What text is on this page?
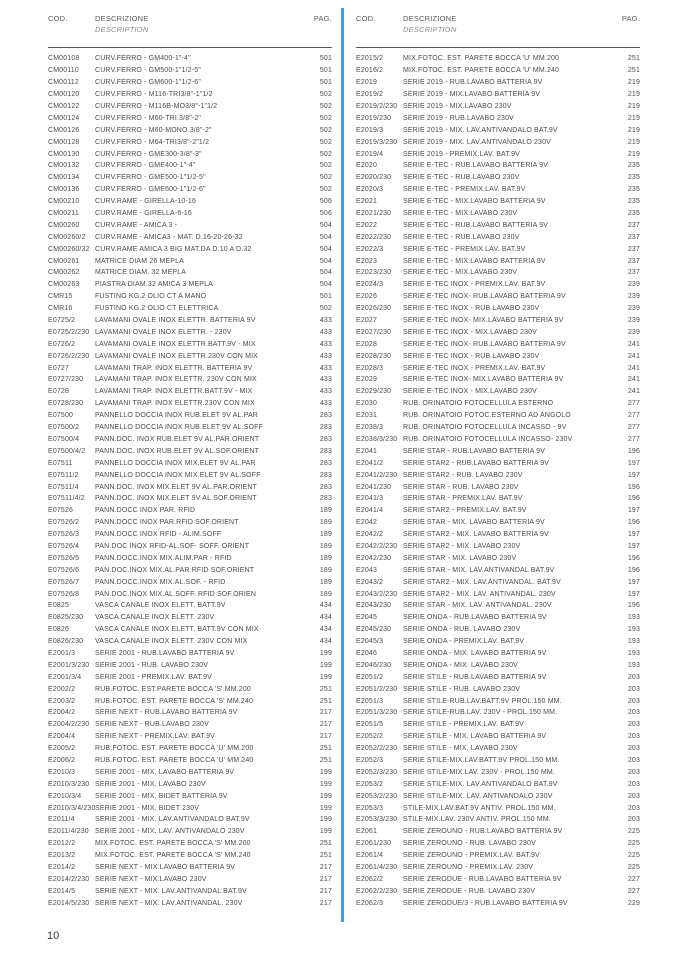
COD.	DESCRIZIONE
DESCRIPTION
PAG.
CM00108	CURV.FERRO - GM400-1"-4"	501
CM00110	CURV.FERRO - GM500-1"1/2-5"	501
CM00112	CURV.FERRO - GM600-1"1/2-6"	501
CM00120	CURV.FERRO - M116-TRI3/8"-1"1/2	502
CM00122	CURV.FERRO - M116B-MO3/8"-1"1/2	502
CM00124	CURV.FERRO - M60-TRI.3/8"-2"	502
CM00126	CURV.FERRO - M60-MONO.3/8"-2"	502
CM00128	CURV.FERRO - M64-TRI3/8"-2"1/2	502
CM00130	CURV.FERRO - GME300-3/8"-3"	502
CM00132	CURV.FERRO - GME400-1"-4"	502
CM00134	CURV.FERRO - GME500-1"1/2-5"	502
CM00136	CURV.FERRO - GME600-1"1/2-6"	502
CM00210	CURV.RAME - GIRELLA-10-16	506
CM00211	CURV.RAME - GIRELLA-6-16	506
CM00260	CURV.RAME - AMICA 3 -	504
CM00260/2	CURV.RAME - AMICA3 - MAT. D.16-20-26-32	504
CM00260/32 CURV.RAME AMICA 3 BIG MAT.DA D.10 A D.32	504
CM00261	MATRICE DIAM 26 MEPLA	504
CM00262	MATRICE DIAM. 32 MEPLA	504
CM00263	PIASTRA DIAM.32 AMICA 3 MEPLA	504
CMR15	FUSTINO KG.2 OLIO CT A MANO	501
CMR16	FUSTINO KG.2 OLIO CT ELETTRICA	502
E0725/2	LAVAMANI OVALE INOX ELETTR. BATTERIA 9V	433
E0725/2/230 LAVAMANI OVALE INOX ELETTR. - 230V	433
E0726/2	LAVAMANI OVALE INOX ELETTR.BATT.9V - MIX	433
E0726/2/230 LAVAMANI OVALE INOX ELETTR.230V CON MIX	433
E0727	LAVAMANI TRAP. INOX ELETTR. BATTERIA 9V	433
E0727/230	LAVAMANI TRAP. INOX ELETTR. 230V CON MIX	433
E0728	LAVAMANI TRAP. INOX ELETTR.BATT.9V - MIX	433
E0728/230	LAVAMANI TRAP. INOX ELETTR.230V CON MIX	433
E07500	PANNELLO DOCCIA INOX RUB.ELET 9V AL.PAR	283
E07500/2	PANNELLO DOCCIA INOX RUB.ELET 9V AL.SOFF	283
E07500/4	PANN.DOC. INOX RUB.ELET 9V AL.PAR.ORIENT	283
E07500/4/2	PANN.DOC. INOX RUB.ELET 9V AL.SOF.ORIENT	283
E07511	PANNELLO DOCCIA INOX MIX.ELET 9V AL.PAR	283
E07511/2	PANNELLO DOCCIA INOX MIX.ELET 9V AL.SOFF	283
E07511/4	PANN.DOC. INOX MIX.ELET 9V AL.PAR.ORIENT	283
E07511/4/2	PANN.DOC. INOX MIX.ELET 9V AL.SOF.ORIENT	283
E07526	PANN.DOCC INOX PAR. RFID	189
E07526/2	PANN.DOCC INOX PAR.RFID SOF.ORIENT	189
E07526/3	PANN.DOCC INOX RFID - ALIM.SOFF	189
E07526/4	PAN.DOC INOX RFID-AL.SOF- SOFF. ORIENT	189
E07526/5	PANN.DOCC.INOX MIX.ALIM.PAR - RFID	189
E07526/6	PAN.DOC.INOX MIX.AL.PAR RFID SOF.ORIENT	189
E07526/7	PANN.DOCC.INOX MIX.AL.SOF. - RFID	189
E07526/8	PAN.DOC.INOX MIX.AL.SOFF. RFID SOF.ORIEN	189
E0825	VASCA CANALE INOX ELETT. BATT.9V	434
E0825/230	VASCA CANALE INOX ELETT. 230V	434
E0826	VASCA CANALE INOX ELETT. BATT.9V CON MIX	434
E0826/230	VASCA CANALE INOX ELETT. 230V CON MIX	434
E2001/3	SERIE 2001 - RUB.LAVABO BATTERIA 9V	199
E2001/3/230 SERIE 2001 - RUB. LAVABO 230V	199
E2001/3/4	SERIE 2001 - PREMIX.LAV. BAT.9V	199
E2002/2	RUB.FOTOC. EST.PARETE BOCCA 'S' MM.200	251
E2003/2	RUB.FOTOC. EST. PARETE BOCCA 'S' MM.240	251
E2004/2	SERIE NEXT - RUB.LAVABO BATTERIA 9V	217
E2004/2/230 SERIE NEXT - RUB.LAVABO 230V	217
E2004/4	SERIE NEXT - PREMIX.LAV. BAT.9V	217
E2005/2	RUB.FOTOC. EST. PARETE BOCCA 'U' MM.200	251
E2006/2	RUB.FOTOC. EST. PARETE BOCCA 'U' MM.240	251
E2010/3	SERIE 2001 - MIX. LAVABO BATTERIA 9V	199
E2010/3/230 SERIE 2001 - MIX. LAVABO 230V	199
E2010/3/4	SERIE 2001 - MIX. BIDET BATTERIA 9V	199
E2010/3/4/230 SERIE 2001 - MIX. BIDET 230V	199
E2011/4	SERIE 2001 - MIX. LAV.ANTIVANDALO BAT.9V	199
E2011/4/230 SERIE 2001 - MIX. LAV. ANTIVANDALO 230V	199
E2012/2	MIX.FOTOC. EST. PARETE BOCCA 'S' MM.200	251
E2013/2	MIX.FOTOC. EST. PARETE BOCCA 'S' MM.240	251
E2014/2	SERIE NEXT - MIX.LAVABO BATTERIA 9V	217
E2014/2/230 SERIE NEXT - MIX.LAVABO 230V	217
E2014/5	SERIE NEXT - MIX. LAV.ANTIVANDAL BAT.9V	217
E2014/5/230 SERIE NEXT - MIX. LAV.ANTIVANDAL. 230V	217
COD.	DESCRIZIONE
DESCRIPTION
PAG.
E2015/2	MIX.FOTOC. EST. PARETE BOCCA 'U' MM.200	251
E2016/2	MIX.FOTOC. EST. PARETE BOCCA 'U' MM.240	251
E2019	SERIE 2019 - RUB.LAVABO BATTERIA 9V	219
E2019/2	SERIE 2019 - MIX.LAVABO BATTERIA 9V	219
E2019/2/230 SERIE 2019 - MIX.LAVABO 230V	219
E2019/230	SERIE 2019 - RUB.LAVABO 230V	219
E2019/3	SERIE 2019 - MIX. LAV.ANTIVANDALO BAT.9V	219
E2019/3/230 SERIE 2019 - MIX. LAV.ANTIVANDALO 230V	219
E2019/4	SERIE 2019 - PREMIX.LAV. BAT.9V	219
E2020	SERIE E-TEC - RUB.LAVABO BATTERIA 9V	235
E2020/230	SERIE E-TEC - RUB.LAVABO 230V	235
E2020/3	SERIE E-TEC - PREMIX.LAV. BAT.9V	235
E2021	SERIE E-TEC - MIX.LAVABO BATTERIA 9V	235
E2021/230	SERIE E-TEC - MIX.LAVABO 230V	235
E2022	SERIE E-TEC - RUB.LAVABO BATTERIA 9V	237
E2022/230	SERIE E-TEC - RUB.LAVABO 230V	237
E2022/3	SERIE E-TEC - PREMIX.LAV. BAT.9V	237
E2023	SERIE E-TEC - MIX.LAVABO BATTERIA 9V	237
E2023/230	SERIE E-TEC - MIX.LAVABO 230V	237
E2024/3	SERIE E-TEC INOX - PREMIX.LAV. BAT.9V	239
E2026	SERIE E-TEC INOX- RUB.LAVABO BATTERIA 9V	239
E2026/230	SERIE E-TEC INOX - RUB.LAVABO 230V	239
E2027	SERIE E-TEC INOX- MIX.LAVABO BATTERIA 9V	239
E2027/230	SERIE E-TEC INOX - MIX.LAVABO 230V	239
E2028	SERIE E-TEC INOX- RUB.LAVABO BATTERIA 9V	241
E2028/230	SERIE E-TEC INOX - RUB.LAVABO 230V	241
E2028/3	SERIE E-TEC INOX - PREMIX.LAV. BAT.9V	241
E2029	SERIE E-TEC INOX- MIX.LAVABO BATTERIA 9V	241
E2029/230	SERIE E-TEC INOX - MIX.LAVABO 230V	241
E2030	RUB. ORINATOIO FOTOCELLULA ESTERNO	277
E2031	RUB. ORINATOIO FOTOC.ESTERNO AD ANGOLO	277
E2038/3	RUB. ORINATOIO FOTOCELLULA INCASSO - 9V	277
E2038/3/230 RUB. ORINATOIO FOTOCELLULA INCASSO- 230V	277
E2041	SERIE STAR - RUB.LAVABO BATTERIA 9V	196
E2041/2	SERIE STAR2 - RUB.LAVABO BATTERIA 9V	197
E2041/2/230 SERIE STAR2 - RUB. LAVABO 230V	197
E2041/230	SERIE STAR - RUB. LAVABO 230V	196
E2041/3	SERIE STAR - PREMIX.LAV. BAT.9V	196
E2041/4	SERIE STAR2 - PREMIX.LAV. BAT.9V	197
E2042	SERIE STAR - MIX. LAVABO BATTERIA 9V	196
E2042/2	SERIE STAR2 - MIX. LAVABO BATTERIA 9V	197
E2042/2/230 SERIE STAR2 - MIX. LAVABO 230V	197
E2042/230	SERIE STAR - MIX. LAVABO 230V	196
E2043	SERIE STAR - MIX. LAV.ANTIVANDAL BAT.9V	196
E2043/2	SERIE STAR2 - MIX. LAV.ANTIVANDAL. BAT.9V	197
E2043/2/230 SERIE STAR2 - MIX. LAV. ANTIVANDAL. 230V	197
E2043/230	SERIE STAR - MIX. LAV. ANTIVANDAL. 230V	196
E2045	SERIE ONDA - RUB.LAVABO BATTERIA 9V	193
E2045/230	SERIE ONDA - RUB. LAVABO 230V	193
E2045/3	SERIE ONDA - PREMIX.LAV. BAT.9V	193
E2046	SERIE ONDA - MIX. LAVABO BATTERIA 9V	193
E2046/230	SERIE ONDA - MIX. LAVABO 230V	193
E2051/2	SERIE STILE - RUB.LAVABO BATTERIA 9V	203
E2051/2/230 SERIE STILE - RUB. LAVABO 230V	203
E2051/3	SERIE STILE-RUB.LAV.BATT.9V PROL.150 MM.	203
E2051/3/230 SERIE STILE-RUB.LAV. 230V - PROL.150 MM.	203
E2051/5	SERIE STILE - PREMIX.LAV. BAT.9V	203
E2052/2	SERIE STILE - MIX. LAVABO BATTERIA 9V	203
E2052/2/230 SERIE STILE - MIX. LAVABO 230V	203
E2052/3	SERIE STILE-MIX.LAV.BATT.9V PROL.150 MM.	203
E2052/3/230 SERIE STILE-MIX.LAV. 230V - PROL.150 MM.	203
E2053/2	SERIE STILE-MIX. LAV.ANTIVANDALO BAT.9V	203
E2053/2/230 SERIE STILE-MIX. LAV. ANTIVANDALO 230V	203
E2053/3	STILE-MIX.LAV.BAT.9V ANTIV. PROL.150 MM.	203
E2053/3/230 STILE-MIX.LAV. 230V ANTIV. PROL.150 MM.	203
E2061	SERIE ZEROUNO - RUB.LAVABO BATTERIA 9V	225
E2061/230	SERIE ZEROUNO - RUB. LAVABO 230V	225
E2061/4	SERIE ZEROUNO - PREMIX.LAV. BAT.9V	225
E2061/4/230 SERIE ZEROUNO - PREMIX.LAV. 230V	225
E2062/2	SERIE ZERODUE - RUB.LAVABO BATTERIA 9V	227
E2062/2/230 SERIE ZERODUE - RUB. LAVABO 230V	227
E2062/3	SERIE ZERODUE/3 - RUB.LAVABO BATTERIA 9V	229
10
